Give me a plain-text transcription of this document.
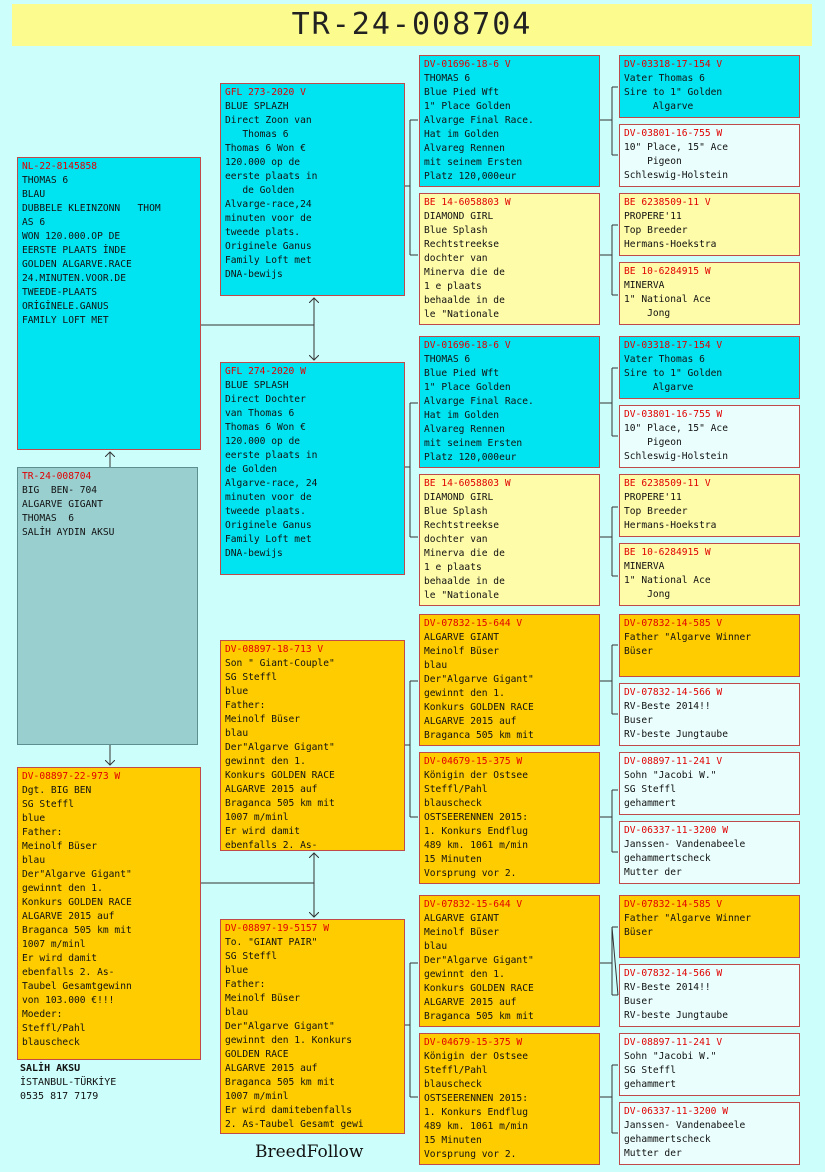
TR-24-008704
TR-24-008704
BIG  BEN- 704
ALGARVE GIGANT
THOMAS  6
SALİH AYDIN AKSU
NL-22-8145858
THOMAS 6
BLAU
DUBBELE KLEINZONN   THOM
AS 6
WON 120.000.OP DE
EERSTE PLAATS İNDE
GOLDEN ALGARVE.RACE
24.MINUTEN.VOOR.DE
TWEEDE-PLAATS
ORİGİNELE.GANUS
FAMILY LOFT MET
DV-08897-22-973 W
Dgt. BIG BEN
SG Steffl
blue
Father:
Meinolf Büser
blau
Der"Algarve Gigant"
gewinnt den 1.
Konkurs GOLDEN RACE
ALGARVE 2015 auf
Braganca 505 km mit
1007 m/minl
Er wird damit
ebenfalls 2. As-
Taubel Gesamtgewinn
von 103.000 €!!!
Moeder:
Steffl/Pahl
blauscheck
GFL 273-2020 V
BLUE SPLAZH
Direct Zoon van
Thomas 6
Thomas 6 Won €
120.000 op de
eerste plaats in
de Golden
Alvarge-race,24
minuten voor de
tweede plats.
Originele Ganus
Family Loft met
DNA-bewijs
GFL 274-2020 W
BLUE SPLASH
Direct Dochter
van Thomas 6
Thomas 6 Won €
120.000 op de
eerste plaats in
de Golden
Algarve-race, 24
minuten voor de
tweede plaats.
Originele Ganus
Family Loft met
DNA-bewijs
DV-08897-18-713 V
Son " Giant-Couple"
SG Steffl
blue
Father:
Meinolf Büser
blau
Der"Algarve Gigant"
gewinnt den 1.
Konkurs GOLDEN RACE
ALGARVE 2015 auf
Braganca 505 km mit
1007 m/minl
Er wird damit
ebenfalls 2. As-
DV-08897-19-5157 W
To. "GIANT PAIR"
SG Steffl
blue
Father:
Meinolf Büser
blau
Der"Algarve Gigant"
gewinnt den 1. Konkurs
GOLDEN RACE
ALGARVE 2015 auf
Braganca 505 km mit
1007 m/minl
Er wird damitebenfalls
2. As-Taubel Gesamt gewi
DV-01696-18-6 V
THOMAS 6
Blue Pied Wft
1" Place Golden
Alvarge Final Race.
Hat im Golden
Alvareg Rennen
mit seinem Ersten
Platz 120,000eur
BE 14-6058803 W
DIAMOND GIRL
Blue Splash
Rechtstreekse
dochter van
Minerva die de
1 e plaats
behaalde in de
le "Nationale
DV-01696-18-6 V
THOMAS 6
Blue Pied Wft
1" Place Golden
Alvarge Final Race.
Hat im Golden
Alvareg Rennen
mit seinem Ersten
Platz 120,000eur
BE 14-6058803 W
DIAMOND GIRL
Blue Splash
Rechtstreekse
dochter van
Minerva die de
1 e plaats
behaalde in de
le "Nationale
DV-07832-15-644 V
ALGARVE GIANT
Meinolf Büser
blau
Der"Algarve Gigant"
gewinnt den 1.
Konkurs GOLDEN RACE
ALGARVE 2015 auf
Braganca 505 km mit
DV-04679-15-375 W
Königin der Ostsee
Steffl/Pahl
blauscheck
OSTSEERENNEN 2015:
1. Konkurs Endflug
489 km. 1061 m/min
15 Minuten
Vorsprung vor 2.
DV-07832-15-644 V
ALGARVE GIANT
Meinolf Büser
blau
Der"Algarve Gigant"
gewinnt den 1.
Konkurs GOLDEN RACE
ALGARVE 2015 auf
Braganca 505 km mit
DV-04679-15-375 W
Königin der Ostsee
Steffl/Pahl
blauscheck
OSTSEERENNEN 2015:
1. Konkurs Endflug
489 km. 1061 m/min
15 Minuten
Vorsprung vor 2.
DV-03318-17-154 V
Vater Thomas 6
Sire to 1" Golden
Algarve
DV-03801-16-755 W
10" Place, 15" Ace
Pigeon
Schleswig-Holstein
BE 6238509-11 V
PROPERE'11
Top Breeder
Hermans-Hoekstra
BE 10-6284915 W
MINERVA
1" National Ace
Jong
DV-03318-17-154 V
Vater Thomas 6
Sire to 1" Golden
Algarve
DV-03801-16-755 W
10" Place, 15" Ace
Pigeon
Schleswig-Holstein
BE 6238509-11 V
PROPERE'11
Top Breeder
Hermans-Hoekstra
BE 10-6284915 W
MINERVA
1" National Ace
Jong
DV-07832-14-585 V
Father "Algarve Winner
Büser
DV-07832-14-566 W
RV-Beste 2014!!
Buser
RV-beste Jungtaube
DV-08897-11-241 V
Sohn "Jacobi W."
SG Steffl
gehammert
DV-06337-11-3200 W
Janssen- Vandenabeele
gehammertscheck
Mutter der
DV-07832-14-585 V
Father "Algarve Winner
Büser
DV-07832-14-566 W
RV-Beste 2014!!
Buser
RV-beste Jungtaube
DV-08897-11-241 V
Sohn "Jacobi W."
SG Steffl
gehammert
DV-06337-11-3200 W
Janssen- Vandenabeele
gehammertscheck
Mutter der
SALİH AKSU
İSTANBUL-TÜRKİYE
0535 817 7179
BreedFollow
